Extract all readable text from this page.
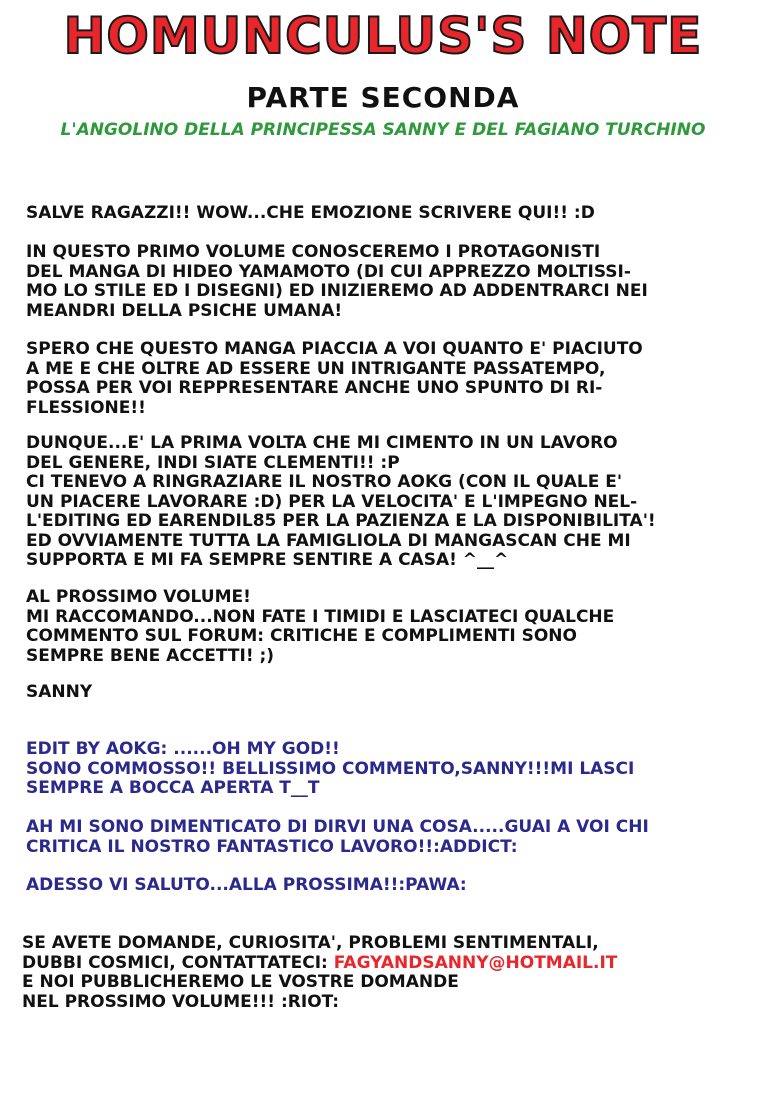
HOMUNCULUS'S NOTE
PARTE SECONDA
L'ANGOLINO DELLA PRINCIPESSA SANNY E DEL FAGIANO TURCHINO

SALVE RAGAZZI!! WOW...CHE EMOZIONE SCRIVERE QUI!! :D

IN QUESTO PRIMO VOLUME CONOSCEREMO I PROTAGONISTI

DEL MANGA DI HIDEO YAMAMOTO (DI CUI APPREZZO MOLTISSI-

MO LO STILE ED I DISEGNI) ED INIZIEREMO AD ADDENTRARCI NEI

MEANDRI DELLA PSICHE UMANA!

SPERO CHE QUESTO MANGA PIACCIA A VOI QUANTO E' PIACIUTO

A ME E CHE OLTRE AD ESSERE UN INTRIGANTE PASSATEMPO,

POSSA PER VOI REPPRESENTARE ANCHE UNO SPUNTO DI RI-

FLESSIONE!!

DUNQUE...E' LA PRIMA VOLTA CHE MI CIMENTO IN UN LAVORO

DEL GENERE, INDI SIATE CLEMENTI!! :P

CI TENEVO A RINGRAZIARE IL NOSTRO AOKG (CON IL QUALE E'

UN PIACERE LAVORARE :D) PER LA VELOCITA' E L'IMPEGNO NEL-

L'EDITING ED EARENDIL85 PER LA PAZIENZA E LA DISPONIBILITA'!

ED OVVIAMENTE TUTTA LA FAMIGLIOLA DI MANGASCAN CHE MI

SUPPORTA E MI FA SEMPRE SENTIRE A CASA! ^__^

AL PROSSIMO VOLUME!

MI RACCOMANDO...NON FATE I TIMIDI E LASCIATECI QUALCHE

COMMENTO SUL FORUM: CRITICHE E COMPLIMENTI SONO

SEMPRE BENE ACCETTI! ;)

SANNY

EDIT BY AOKG: ......OH MY GOD!!

SONO COMMOSSO!! BELLISSIMO COMMENTO,SANNY!!!MI LASCI

SEMPRE A BOCCA APERTA T__T

AH MI SONO DIMENTICATO DI DIRVI UNA COSA.....GUAI A VOI CHI

CRITICA IL NOSTRO FANTASTICO LAVORO!!:ADDICT:

ADESSO VI SALUTO...ALLA PROSSIMA!!:PAWA:

SE AVETE DOMANDE, CURIOSITA', PROBLEMI SENTIMENTALI,

DUBBI COSMICI, CONTATTATECI: FAGYANDSANNY@HOTMAIL.IT

E NOI PUBBLICHEREMO LE VOSTRE DOMANDE

NEL PROSSIMO VOLUME!!! :RIOT:
